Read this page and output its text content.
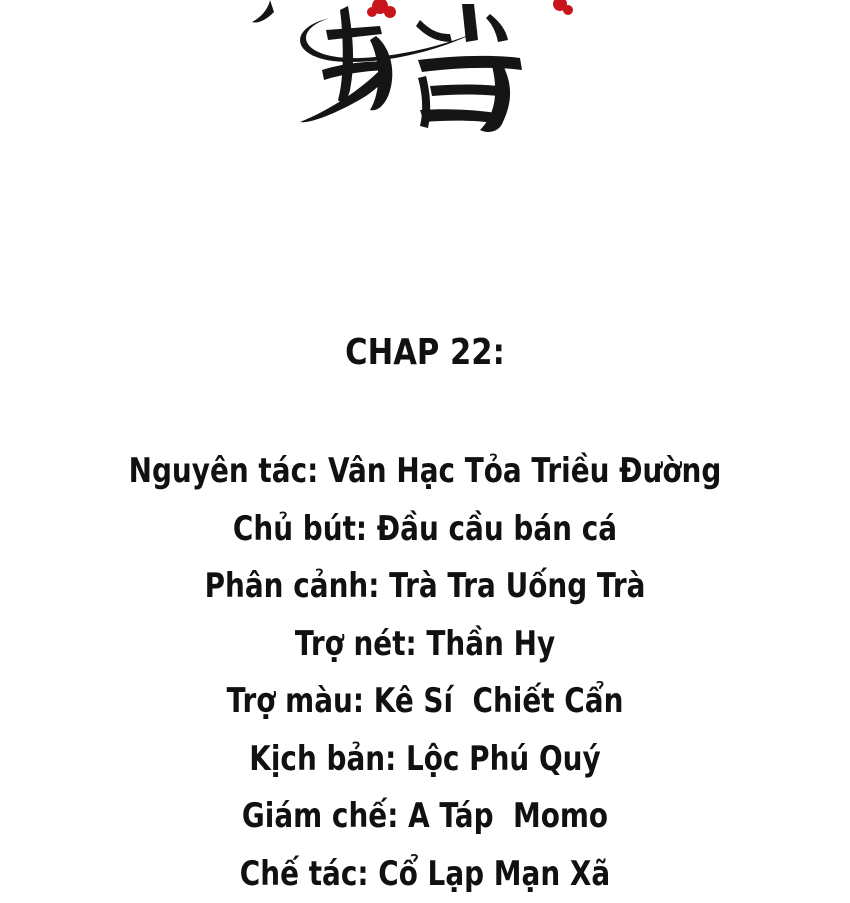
CHAP 22:
Nguyên tác: Vân Hạc Tỏa Triều Đường
Chủ bút: Đầu cầu bán cá
Phân cảnh: Trà Tra Uống Trà
Trợ nét: Thần Hy
Trợ màu: Kê Sí  Chiết Cẩn
Kịch bản: Lộc Phú Quý
Giám chế: A Táp  Momo
Chế tác: Cổ Lạp Mạn Xã
